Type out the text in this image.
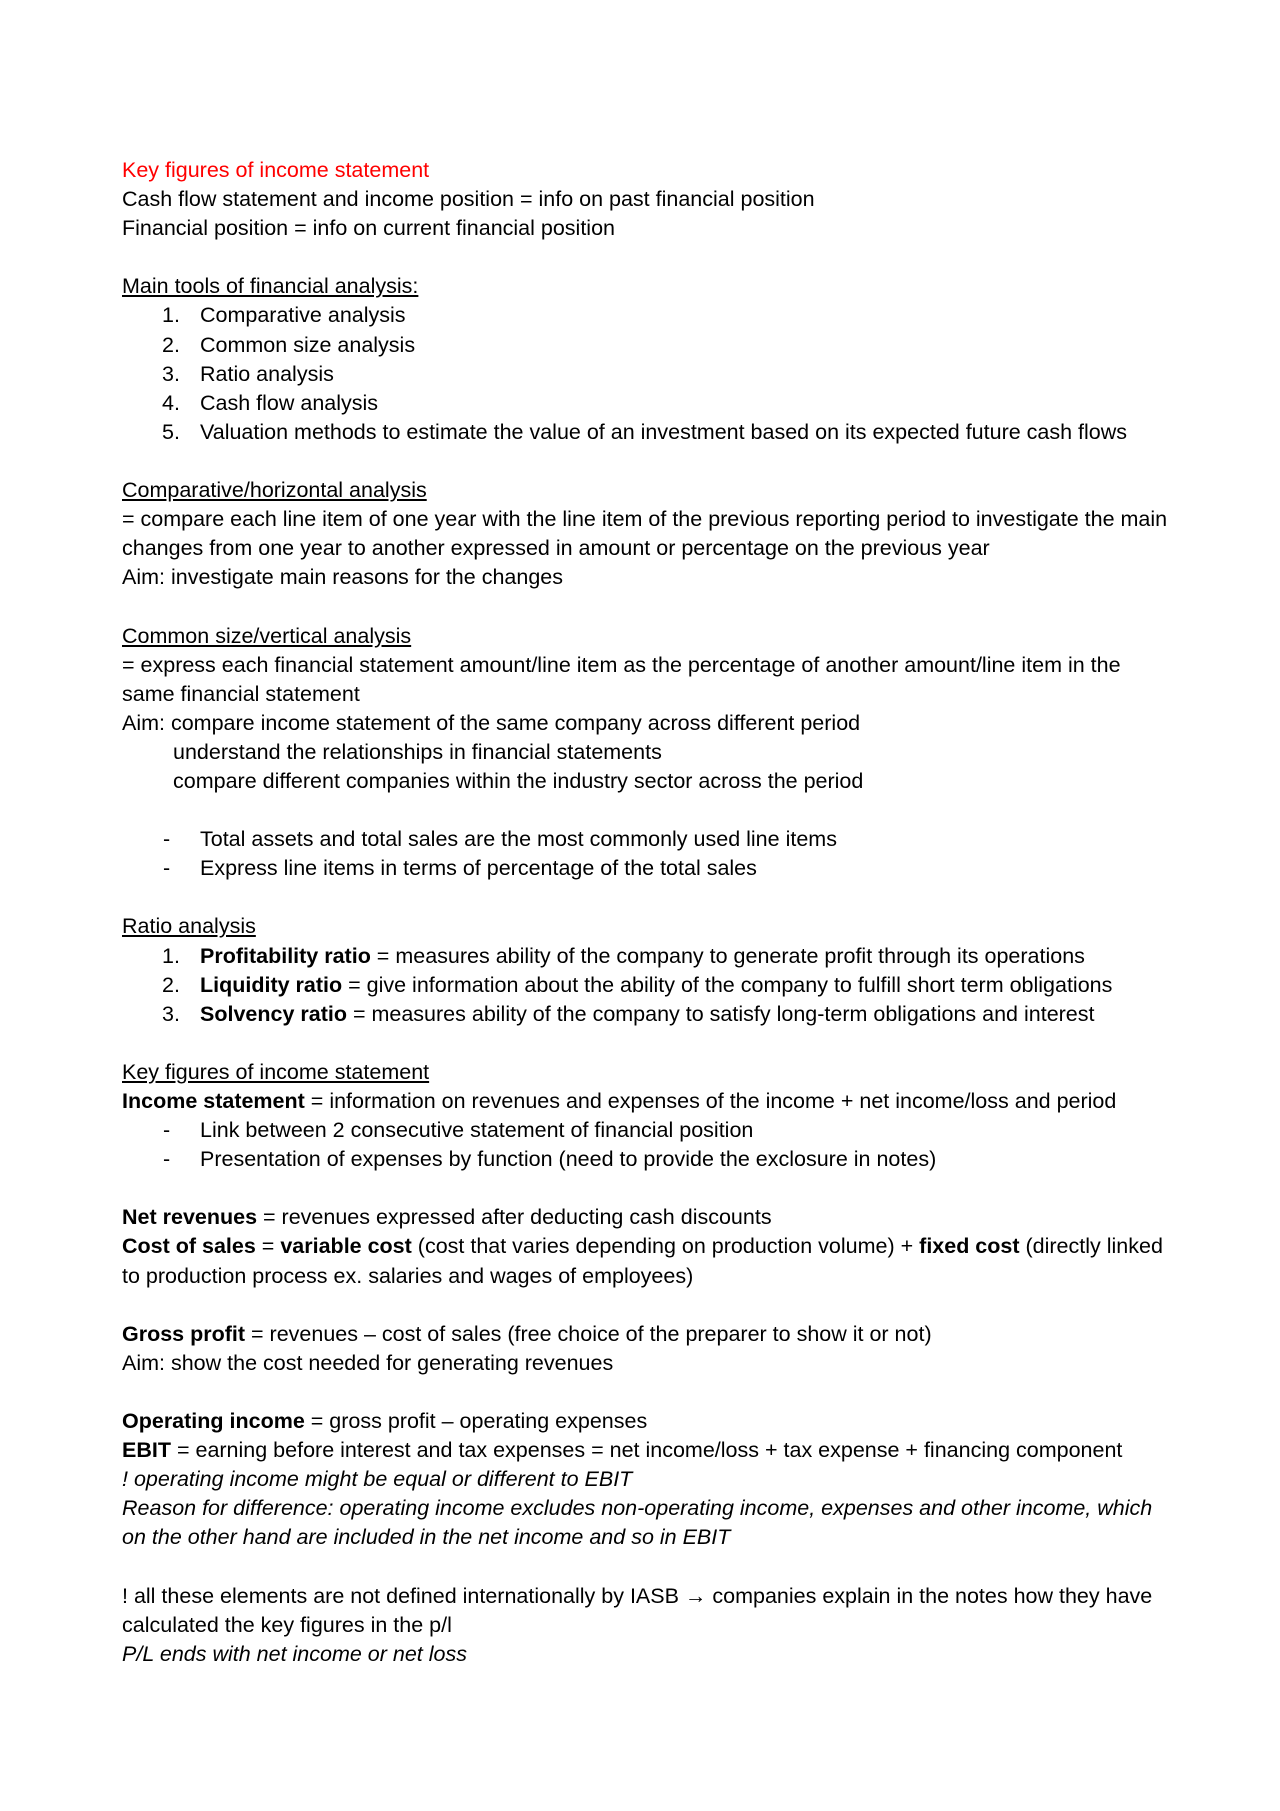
Key figures of income statement
Cash flow statement and income position = info on past financial position
Financial position = info on current financial position
Main tools of financial analysis:
1. Comparative analysis
2. Common size analysis
3. Ratio analysis
4. Cash flow analysis
5. Valuation methods to estimate the value of an investment based on its expected future cash flows
Comparative/horizontal analysis
= compare each line item of one year with the line item of the previous reporting period to investigate the main changes from one year to another expressed in amount or percentage on the previous year
Aim: investigate main reasons for the changes
Common size/vertical analysis
= express each financial statement amount/line item as the percentage of another amount/line item in the same financial statement
Aim: compare income statement of the same company across different period
understand the relationships in financial statements
compare different companies within the industry sector across the period
-	Total assets and total sales are the most commonly used line items
-	Express line items in terms of percentage of the total sales
Ratio analysis
1. Profitability ratio = measures ability of the company to generate profit through its operations
2. Liquidity ratio = give information about the ability of the company to fulfill short term obligations
3. Solvency ratio = measures ability of the company to satisfy long-term obligations and interest
Key figures of income statement
Income statement = information on revenues and expenses of the income + net income/loss and period
-	Link between 2 consecutive statement of financial position
-	Presentation of expenses by function (need to provide the exclosure in notes)
Net revenues = revenues expressed after deducting cash discounts
Cost of sales = variable cost (cost that varies depending on production volume) + fixed cost (directly linked to production process ex. salaries and wages of employees)
Gross profit = revenues – cost of sales (free choice of the preparer to show it or not)
Aim: show the cost needed for generating revenues
Operating income = gross profit – operating expenses
EBIT = earning before interest and tax expenses = net income/loss + tax expense + financing component
! operating income might be equal or different to EBIT
Reason for difference: operating income excludes non-operating income, expenses and other income, which on the other hand are included in the net income and so in EBIT
! all these elements are not defined internationally by IASB → companies explain in the notes how they have calculated the key figures in the p/l
P/L ends with net income or net loss
